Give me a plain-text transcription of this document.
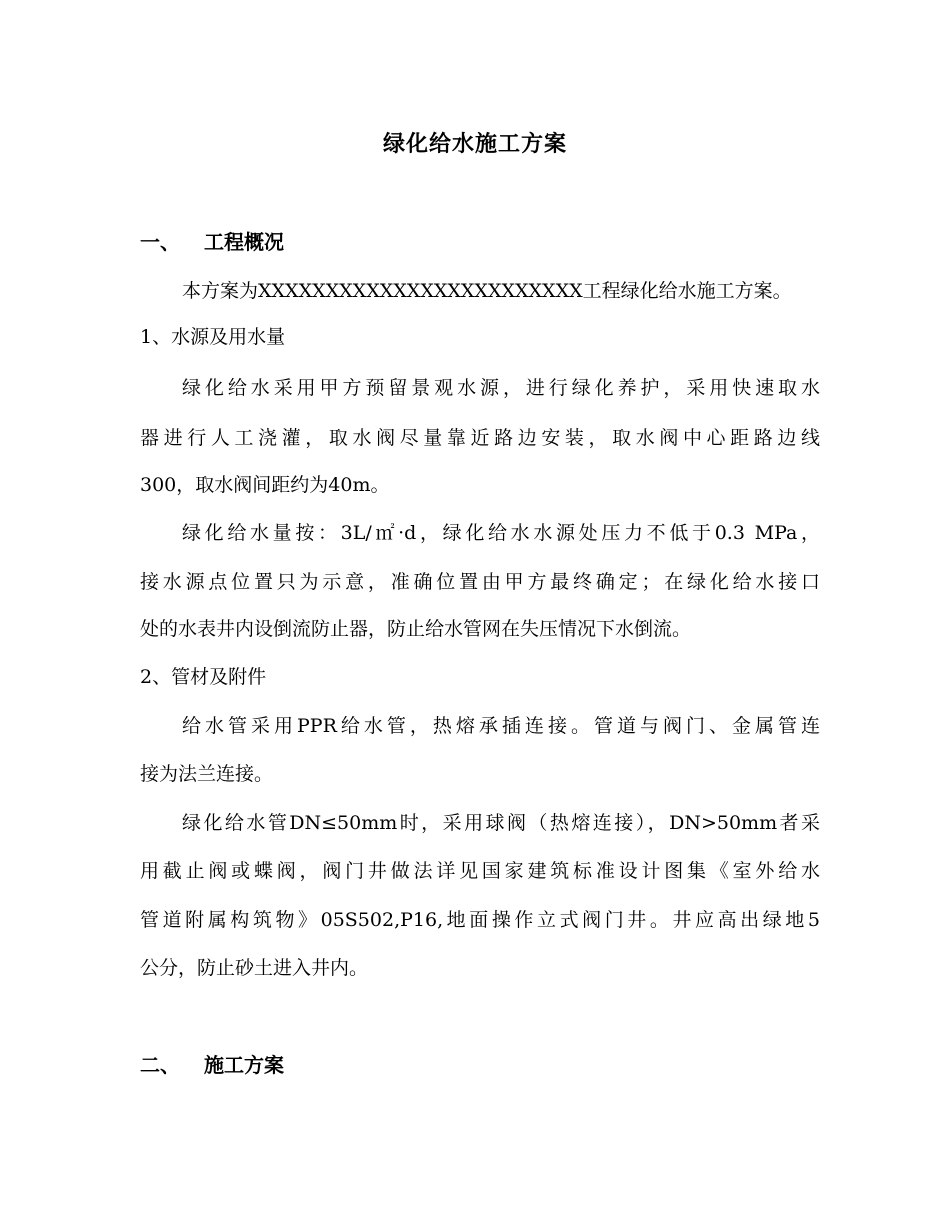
绿化给水施工方案
一、	工程概况
本方案为XXXXXXXXXXXXXXXXXXXXXXXX工程绿化给水施工方案。
1、水源及用水量
绿化给水采用甲方预留景观水源，进行绿化养护，采用快速取水
器进行人工浇灌，取水阀尽量靠近路边安装，取水阀中心距路边线
300，取水阀间距约为40m。
绿化给水量按：3L/㎡·d，绿化给水水源处压力不低于0.3 MPa，
接水源点位置只为示意，准确位置由甲方最终确定；在绿化给水接口
处的水表井内设倒流防止器，防止给水管网在失压情况下水倒流。
2、管材及附件
给水管采用PPR给水管，热熔承插连接。管道与阀门、金属管连
接为法兰连接。
绿化给水管DN≤50mm时，采用球阀（热熔连接），DN>50mm者采
用截止阀或蝶阀，阀门井做法详见国家建筑标准设计图集《室外给水
管道附属构筑物》05S502,P16,地面操作立式阀门井。井应高出绿地5
公分，防止砂土进入井内。
二、	施工方案
